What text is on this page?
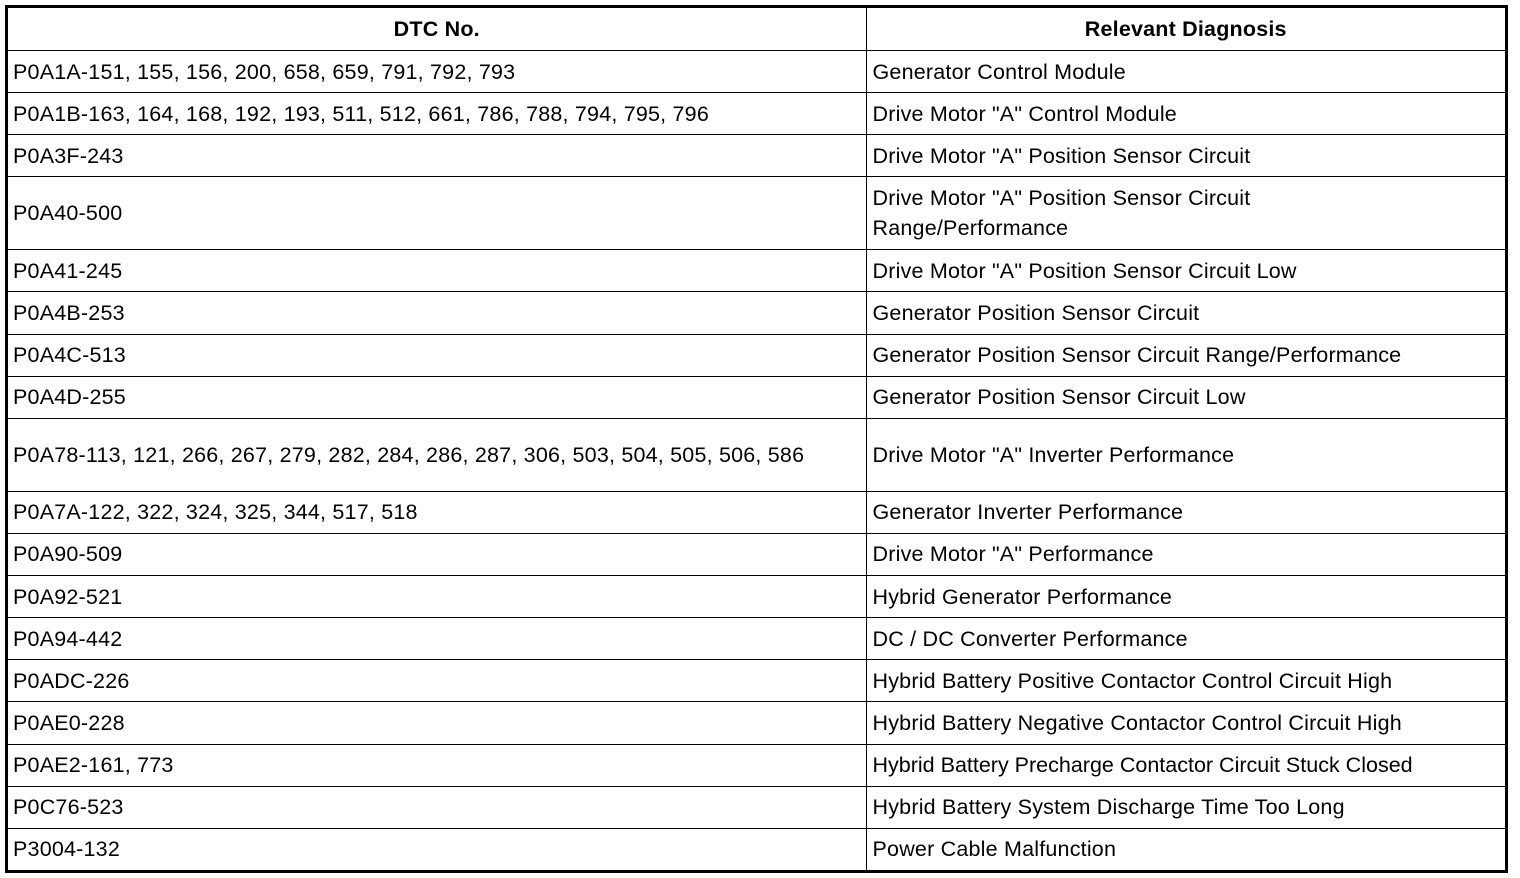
DTC No.	Relevant Diagnosis
P0A1A-151, 155, 156, 200, 658, 659, 791, 792, 793	Generator Control Module
P0A1B-163, 164, 168, 192, 193, 511, 512, 661, 786, 788, 794, 795, 796	Drive Motor "A" Control Module
P0A3F-243	Drive Motor "A" Position Sensor Circuit
P0A40-500	Drive Motor "A" Position Sensor Circuit Range/Performance
P0A41-245	Drive Motor "A" Position Sensor Circuit Low
P0A4B-253	Generator Position Sensor Circuit
P0A4C-513	Generator Position Sensor Circuit Range/Performance
P0A4D-255	Generator Position Sensor Circuit Low
P0A78-113, 121, 266, 267, 279, 282, 284, 286, 287, 306, 503, 504, 505, 506, 586	Drive Motor "A" Inverter Performance
P0A7A-122, 322, 324, 325, 344, 517, 518	Generator Inverter Performance
P0A90-509	Drive Motor "A" Performance
P0A92-521	Hybrid Generator Performance
P0A94-442	DC / DC Converter Performance
P0ADC-226	Hybrid Battery Positive Contactor Control Circuit High
P0AE0-228	Hybrid Battery Negative Contactor Control Circuit High
P0AE2-161, 773	Hybrid Battery Precharge Contactor Circuit Stuck Closed
P0C76-523	Hybrid Battery System Discharge Time Too Long
P3004-132	Power Cable Malfunction
